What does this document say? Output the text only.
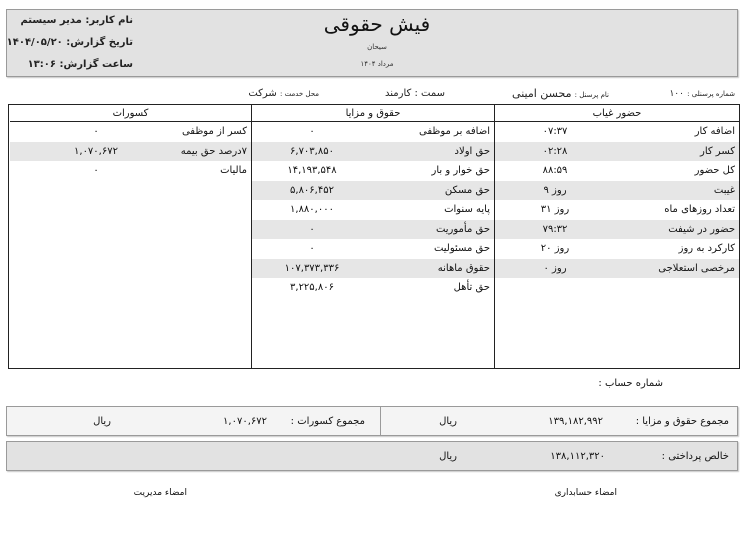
نام کاربر: مدیر سیستم
تاریخ گزارش: ۱۴۰۴/۰۵/۲۰
ساعت گزارش: ۱۳:۰۶
فیش حقوقی
سیحان
مرداد ۱۴۰۴
شماره پرسنلی : ۱۰۰
نام پرسنل : محسن امینی
سمت : کارمند
محل خدمت : شرکت
حضور غیاب
اضافه کار
۰۷:۳۷
کسر کار
۰۲:۲۸
کل حضور
۸۸:۵۹
غیبت
۹ روز
تعداد روزهای ماه
۳۱ روز
حضور در شیفت
۷۹:۳۲
کارکرد به روز
۲۰ روز
مرخصی استعلاجی
۰ روز
حقوق و مزایا
اضافه بر موظفی
۰
حق اولاد
۶,۷۰۳,۸۵۰
حق خوار و بار
۱۴,۱۹۳,۵۴۸
حق مسکن
۵,۸۰۶,۴۵۲
پایه سنوات
۱,۸۸۰,۰۰۰
حق مأموریت
۰
حق مسئولیت
۰
حقوق ماهانه
۱۰۷,۳۷۳,۳۳۶
حق تأهل
۳,۲۲۵,۸۰۶
کسورات
کسر از موظفی
۰
۷درصد حق بیمه
۱,۰۷۰,۶۷۲
مالیات
۰
شماره حساب :
مجموع حقوق و مزایا :
۱۳۹,۱۸۲,۹۹۲
ریال
مجموع کسورات :
۱,۰۷۰,۶۷۲
ریال
خالص پرداختی :
۱۳۸,۱۱۲,۳۲۰
ریال
امضاء حسابداری
امضاء مدیریت
